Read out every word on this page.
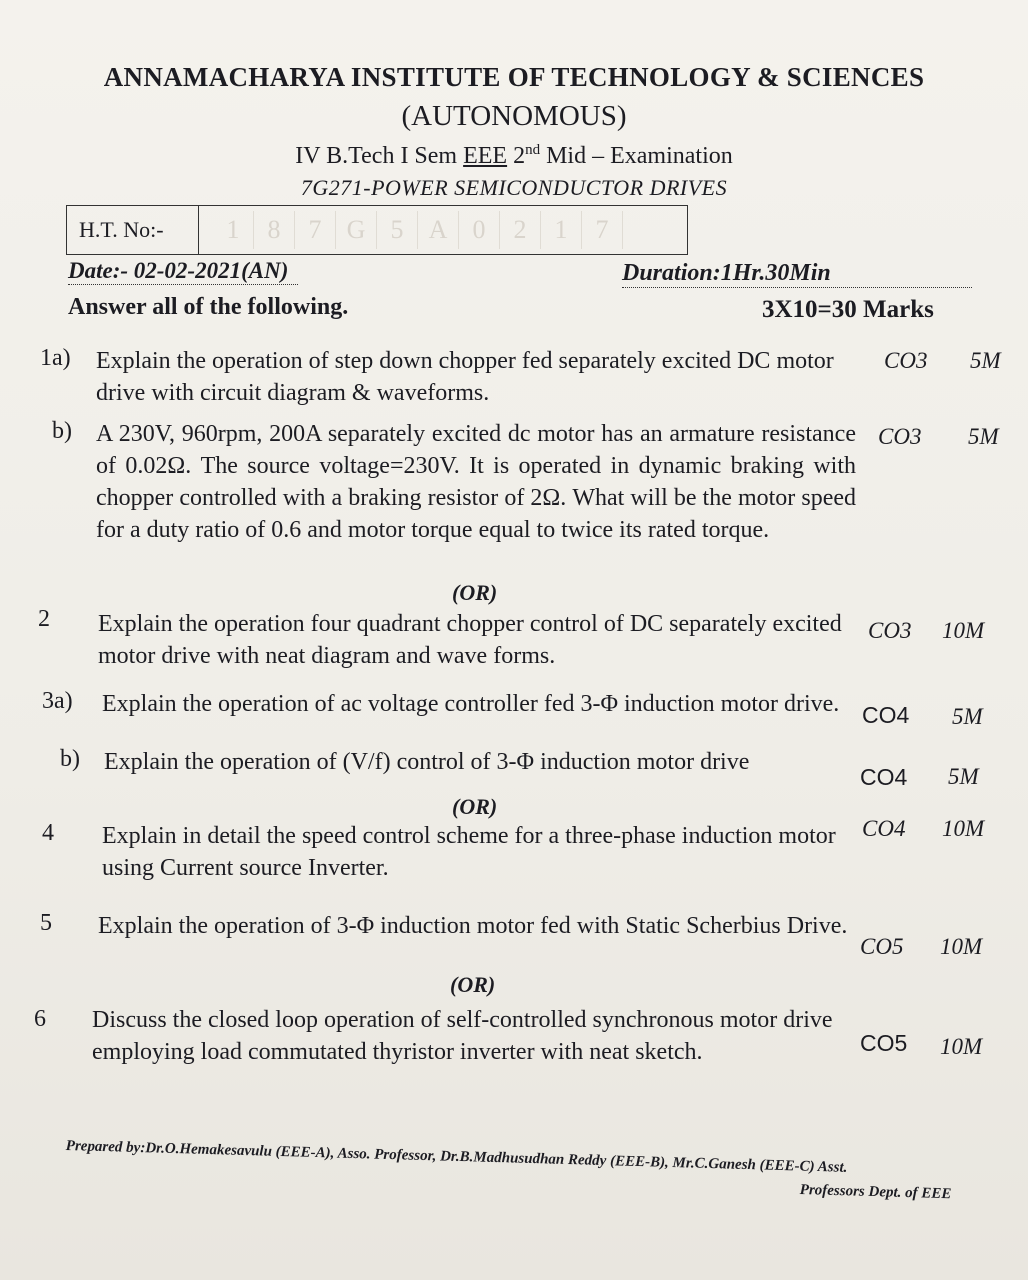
ANNAMACHARYA INSTITUTE OF TECHNOLOGY & SCIENCES
(AUTONOMOUS)
IV B.Tech I Sem EEE 2nd Mid – Examination
7G271-POWER SEMICONDUCTOR DRIVES
H.T. No:-	1	8	7 G 5 A 0	2	1	7
Date:- 02-02-2021(AN)	Duration:1Hr.30Min
Answer all of the following.	3X10=30 Marks
1a) Explain the operation of step down chopper fed separately excited DC motor drive with circuit diagram & waveforms.
CO3 5M
b) A 230V, 960rpm, 200A separately excited dc motor has an armature resistance of 0.02Ω. The source voltage=230V. It is operated in dynamic braking with chopper controlled with a braking resistor of 2Ω. What will be the motor speed for a duty ratio of 0.6 and motor torque equal to twice its rated torque.
CO3 5M
(OR)
2 Explain the operation four quadrant chopper control of DC separately excited motor drive with neat diagram and wave forms.
CO3 10M
3a) Explain the operation of ac voltage controller fed 3-Φ induction motor drive. CO4 5M
b) Explain the operation of (V/f) control of 3-Φ induction motor drive
CO4 5M
(OR)
4 Explain in detail the speed control scheme for a three-phase induction motor using Current source Inverter.
CO4 10M
5 Explain the operation of 3-Φ induction motor fed with Static Scherbius Drive.
CO5 10M
(OR)
6 Discuss the closed loop operation of self-controlled synchronous motor drive employing load commutated thyristor inverter with neat sketch.	CO5 10M
Prepared by:Dr.O.Hemakesavulu (EEE-A), Asso. Professor, Dr.B.Madhusudhan Reddy (EEE-B), Mr.C.Ganesh (EEE-C) Asst.
Professors Dept. of EEE
